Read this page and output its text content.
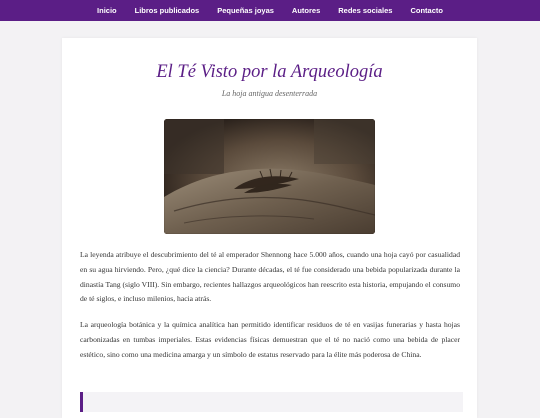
Inicio	Libros publicados	Pequeñas joyas	Autores	Redes sociales	Contacto
El Té Visto por la Arqueología

La hoja antigua desenterrada

La leyenda atribuye el descubrimiento del té al emperador Shennong hace 5.000 años, cuando una hoja cayó por casualidad en su agua hirviendo. Pero, ¿qué dice la ciencia? Durante décadas, el té fue considerado una bebida popularizada durante la dinastía Tang (siglo VIII). Sin embargo, recientes hallazgos arqueológicos han reescrito esta historia, empujando el consumo de té siglos, e incluso milenios, hacia atrás.

La arqueología botánica y la química analítica han permitido identificar residuos de té en vasijas funerarias y hasta hojas carbonizadas en tumbas imperiales. Estas evidencias físicas demuestran que el té no nació como una bebida de placer estético, sino como una medicina amarga y un símbolo de estatus reservado para la élite más poderosa de China.
